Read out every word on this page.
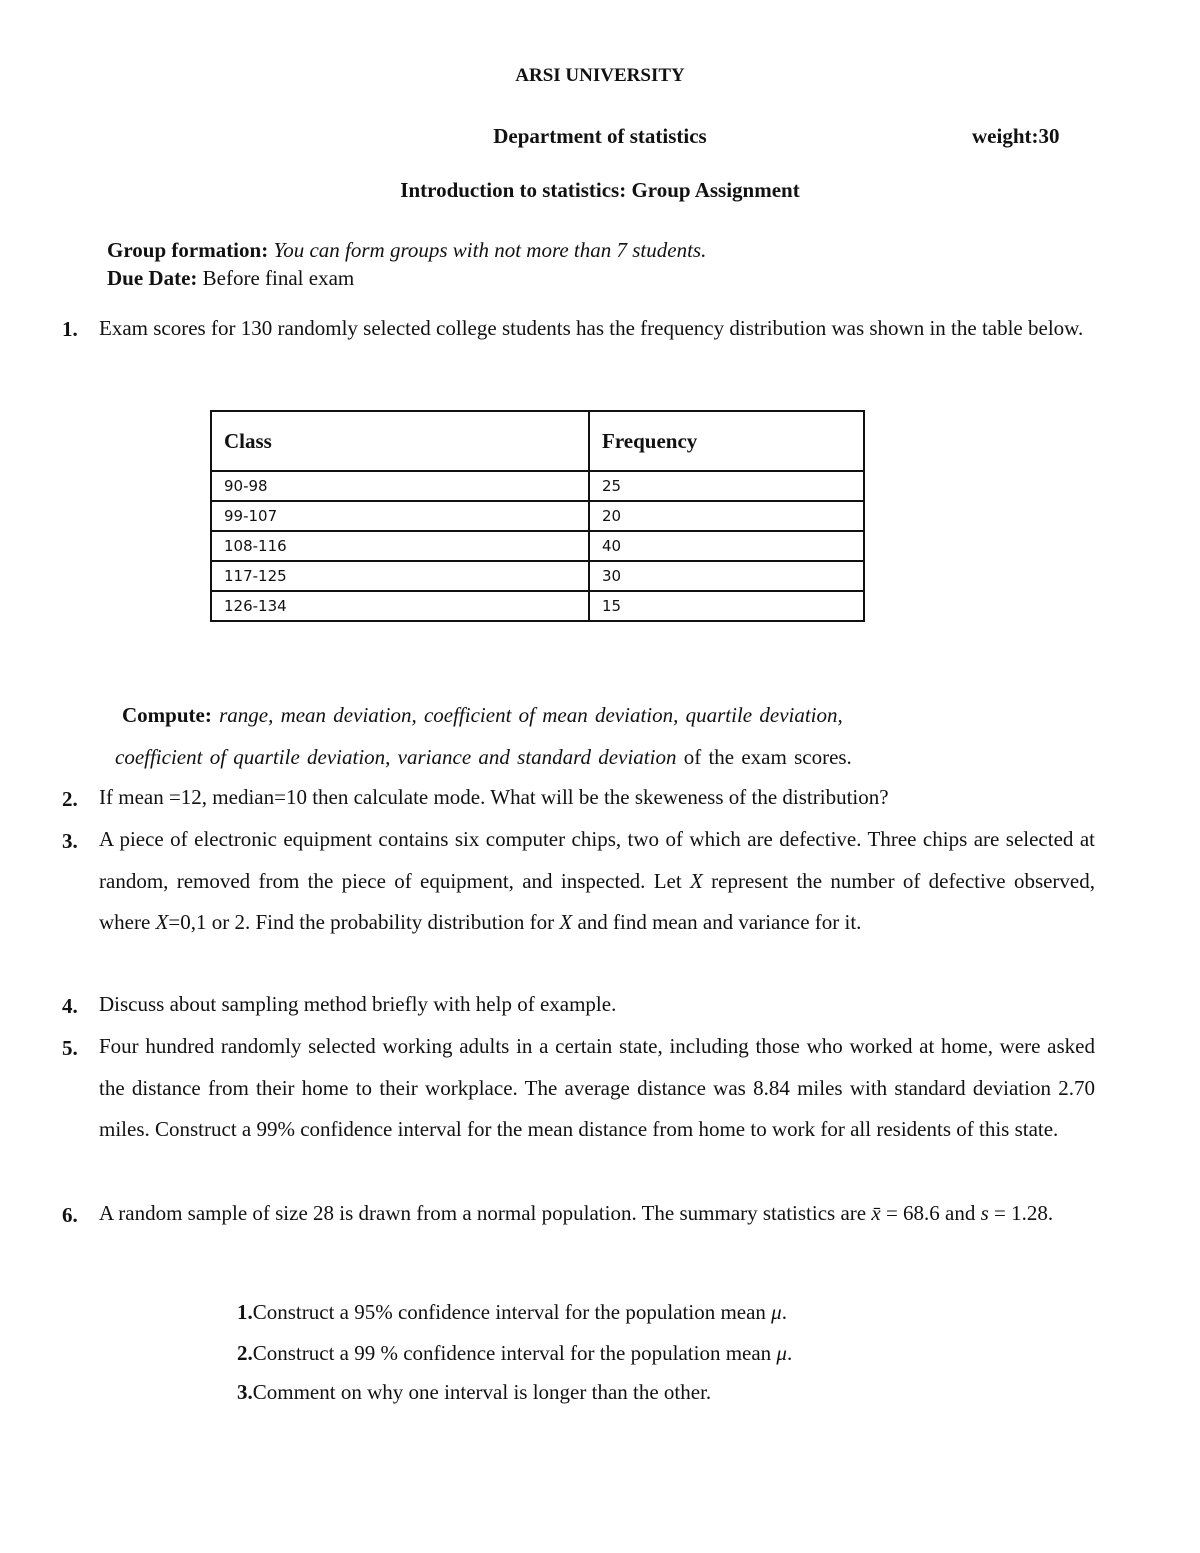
ARSI UNIVERSITY
Department of statistics	weight:30
Introduction to statistics: Group Assignment
Group formation: You can form groups with not more than 7 students.
Due Date: Before final exam
1. Exam scores for 130 randomly selected college students has the frequency distribution was shown in the table below.
Class	Frequency
90-98	25
99-107	20
108-116	40
117-125	30
126-134	15
Compute: range, mean deviation, coefficient of mean deviation, quartile deviation,
coefficient of quartile deviation, variance and standard deviation of the exam scores.
2. If mean =12, median=10 then calculate mode. What will be the skeweness of the distribution?
3. A piece of electronic equipment contains six computer chips, two of which are defective. Three chips are selected at random, removed from the piece of equipment, and inspected. Let X represent the number of defective observed, where X=0,1 or 2. Find the probability distribution for X and find mean and variance for it.
4. Discuss about sampling method briefly with help of example.
5. Four hundred randomly selected working adults in a certain state, including those who worked at home, were asked the distance from their home to their workplace. The average distance was 8.84 miles with standard deviation 2.70 miles. Construct a 99% confidence interval for the mean distance from home to work for all residents of this state.
6. A random sample of size 28 is drawn from a normal population. The summary statistics are x̄ = 68.6 and s = 1.28.
1.Construct a 95% confidence interval for the population mean μ.
2.Construct a 99 % confidence interval for the population mean μ.
3.Comment on why one interval is longer than the other.
